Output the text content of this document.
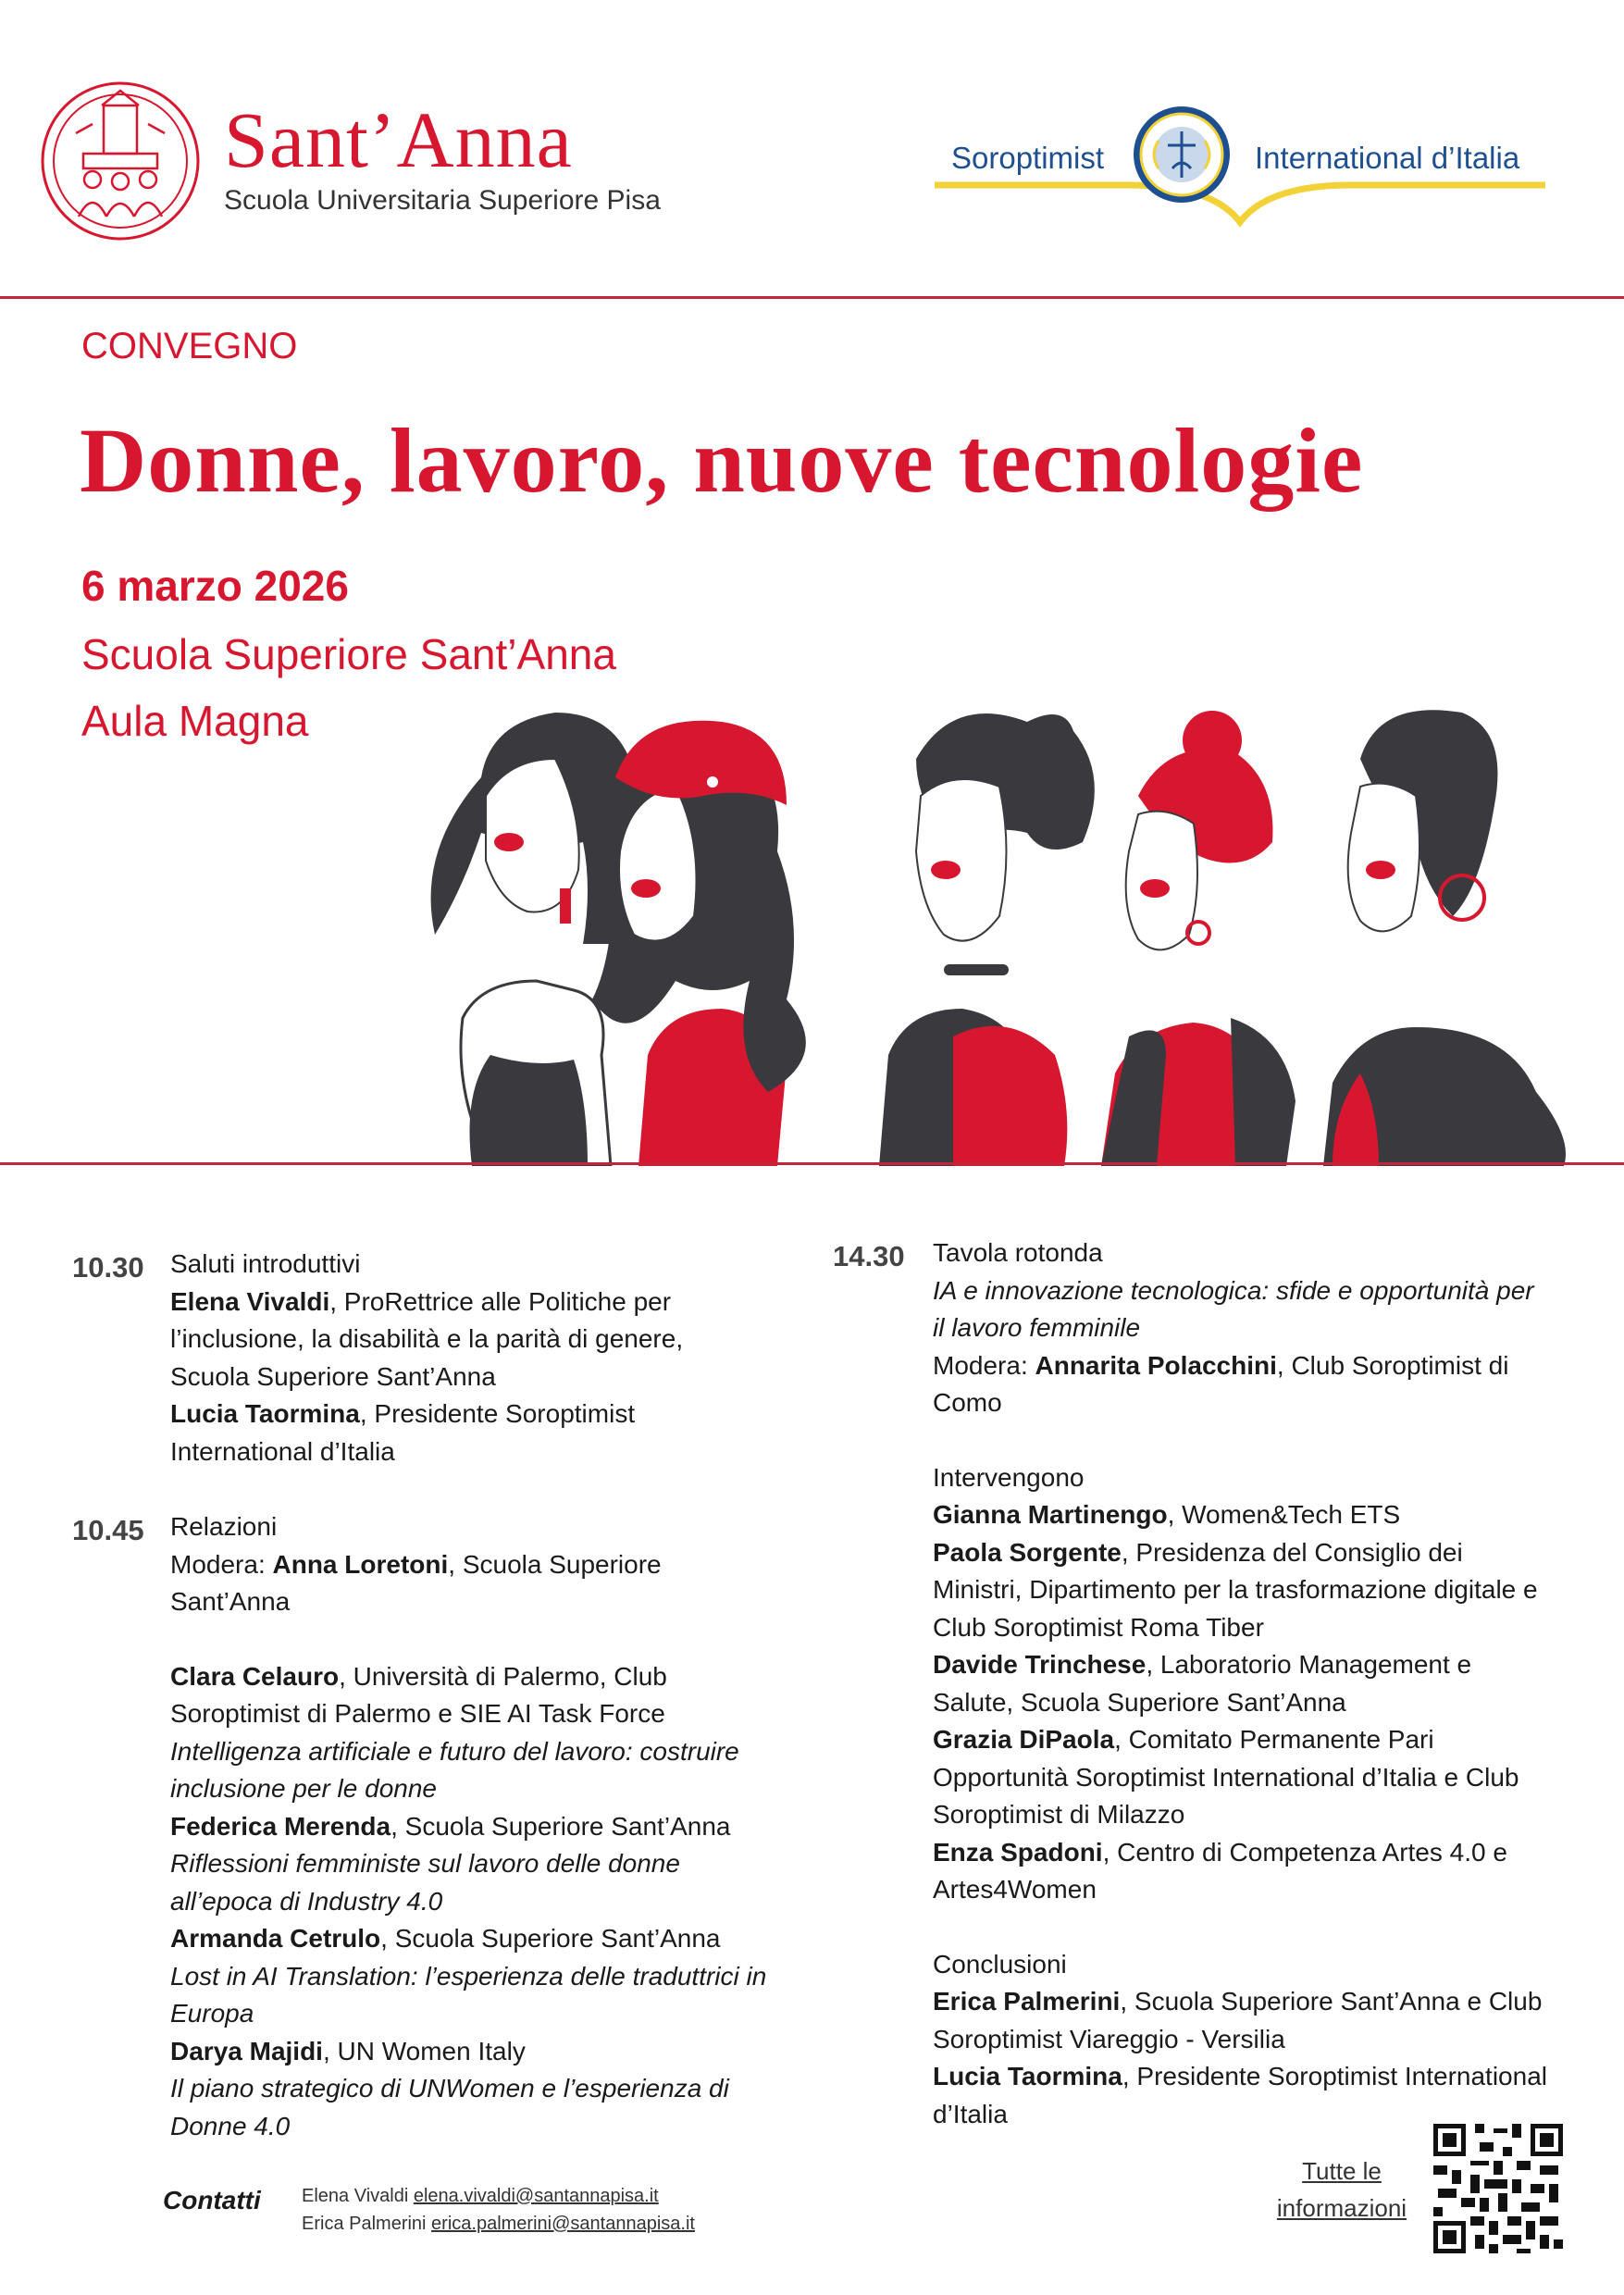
Sant’Anna
Scuola Universitaria Superiore Pisa
Soroptimist	International d’Italia
CONVEGNO
Donne, lavoro, nuove tecnologie
6 marzo 2026
Scuola Superiore Sant’Anna
Aula Magna
10.30 Saluti introduttivi

Elena Vivaldi, ProRettrice alle Politiche per

l’inclusione, la disabilità e la parità di genere,

Scuola Superiore Sant’Anna

Lucia Taormina, Presidente Soroptimist

International d’Italia

10.45 Relazioni

Modera: Anna Loretoni, Scuola Superiore

Sant’Anna

Clara Celauro, Università di Palermo, Club

Soroptimist di Palermo e SIE AI Task Force

Intelligenza artificiale e futuro del lavoro: costruire

inclusione per le donne

Federica Merenda, Scuola Superiore Sant’Anna

Riflessioni femministe sul lavoro delle donne

all’epoca di Industry 4.0

Armanda Cetrulo, Scuola Superiore Sant’Anna

Lost in AI Translation: l’esperienza delle traduttrici in

Europa

Darya Majidi, UN Women Italy

Il piano strategico di UNWomen e l’esperienza di

Donne 4.0

14.30 Tavola rotonda

IA e innovazione tecnologica: sfide e opportunità per

il lavoro femminile

Modera: Annarita Polacchini, Club Soroptimist di

Como

Intervengono

Gianna Martinengo, Women&Tech ETS

Paola Sorgente, Presidenza del Consiglio dei

Ministri, Dipartimento per la trasformazione digitale e

Club Soroptimist Roma Tiber

Davide Trinchese, Laboratorio Management e

Salute, Scuola Superiore Sant’Anna

Grazia DiPaola, Comitato Permanente Pari

Opportunità Soroptimist International d’Italia e Club

Soroptimist di Milazzo

Enza Spadoni, Centro di Competenza Artes 4.0 e

Artes4Women

Conclusioni

Erica Palmerini, Scuola Superiore Sant’Anna e Club

Soroptimist Viareggio - Versilia

Lucia Taormina, Presidente Soroptimist International

d’Italia

Contatti Elena Vivaldi elena.vivaldi@santannapisa.it
Erica Palmerini erica.palmerini@santannapisa.it
Tutte le
informazioni
